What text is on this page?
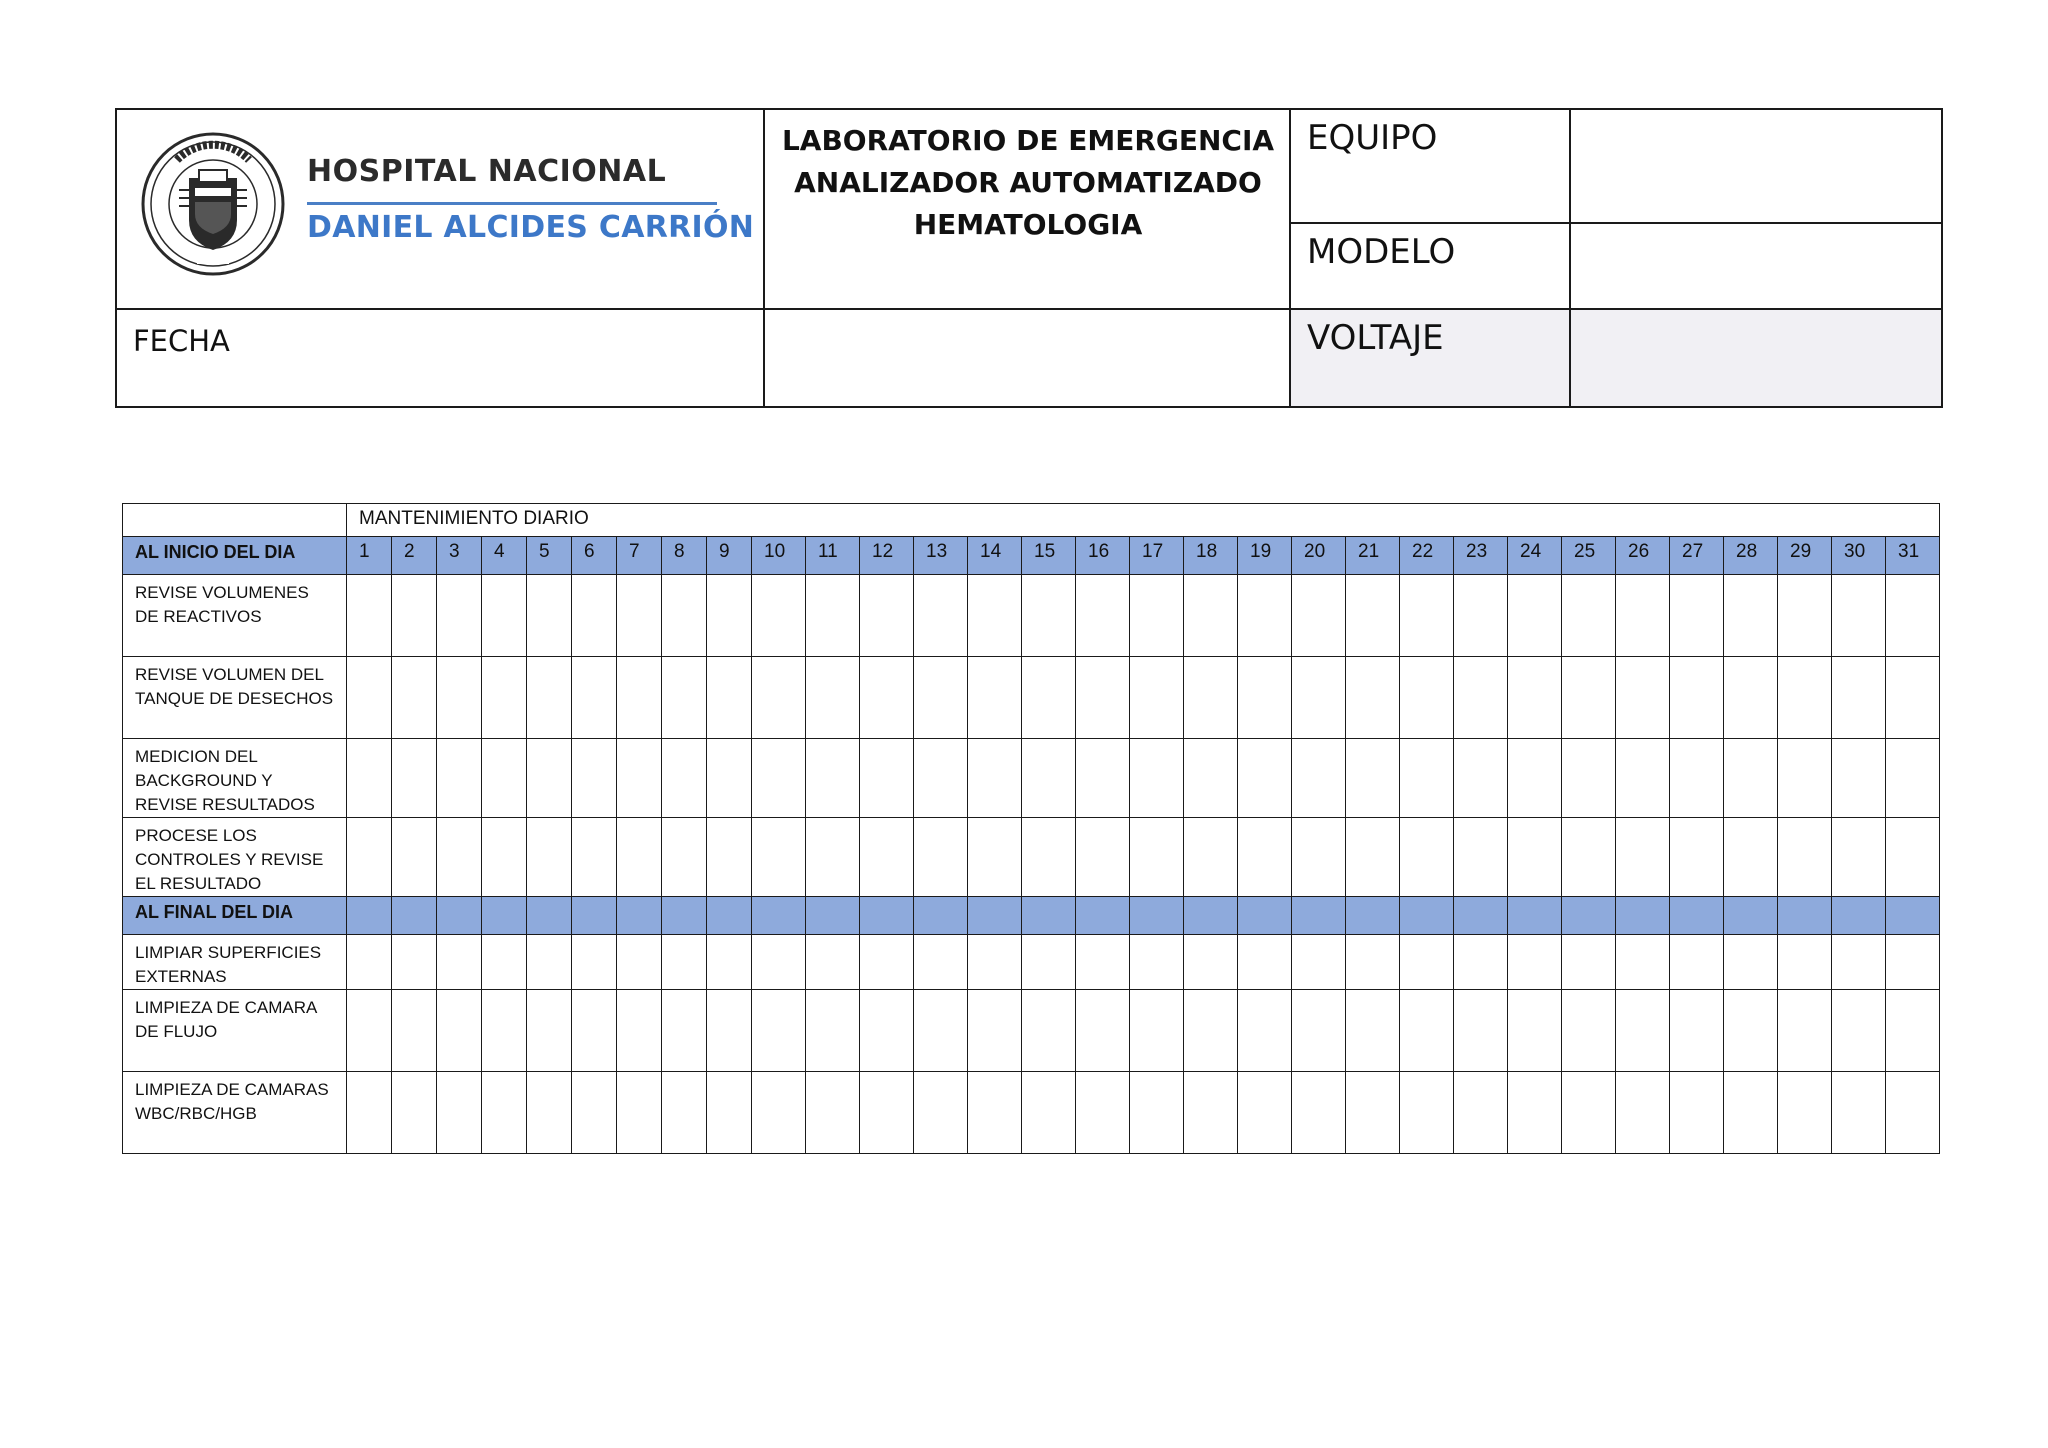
HOSPITAL NACIONAL
DANIEL ALCIDES CARRIÓN
LABORATORIO DE EMERGENCIA
ANALIZADOR AUTOMATIZADO
HEMATOLOGIA
EQUIPO
MODELO
FECHA	VOLTAJE
	MANTENIMIENTO DIARIO																														
AL INICIO DEL DIA	1	2	3	4	5	6	7	8	9	10	11	12	13	14	15	16	17	18	19	20	21	22	23	24	25	26	27	28	29	30	31
REVISE VOLUMENES DE REACTIVOS																															
REVISE VOLUMEN DEL TANQUE DE DESECHOS																															
MEDICION DEL BACKGROUND Y REVISE RESULTADOS																															
PROCESE LOS CONTROLES Y REVISE EL RESULTADO																															
AL FINAL DEL DIA																															
LIMPIAR SUPERFICIES EXTERNAS																															
LIMPIEZA DE CAMARA DE FLUJO																															
LIMPIEZA DE CAMARAS WBC/RBC/HGB																															
